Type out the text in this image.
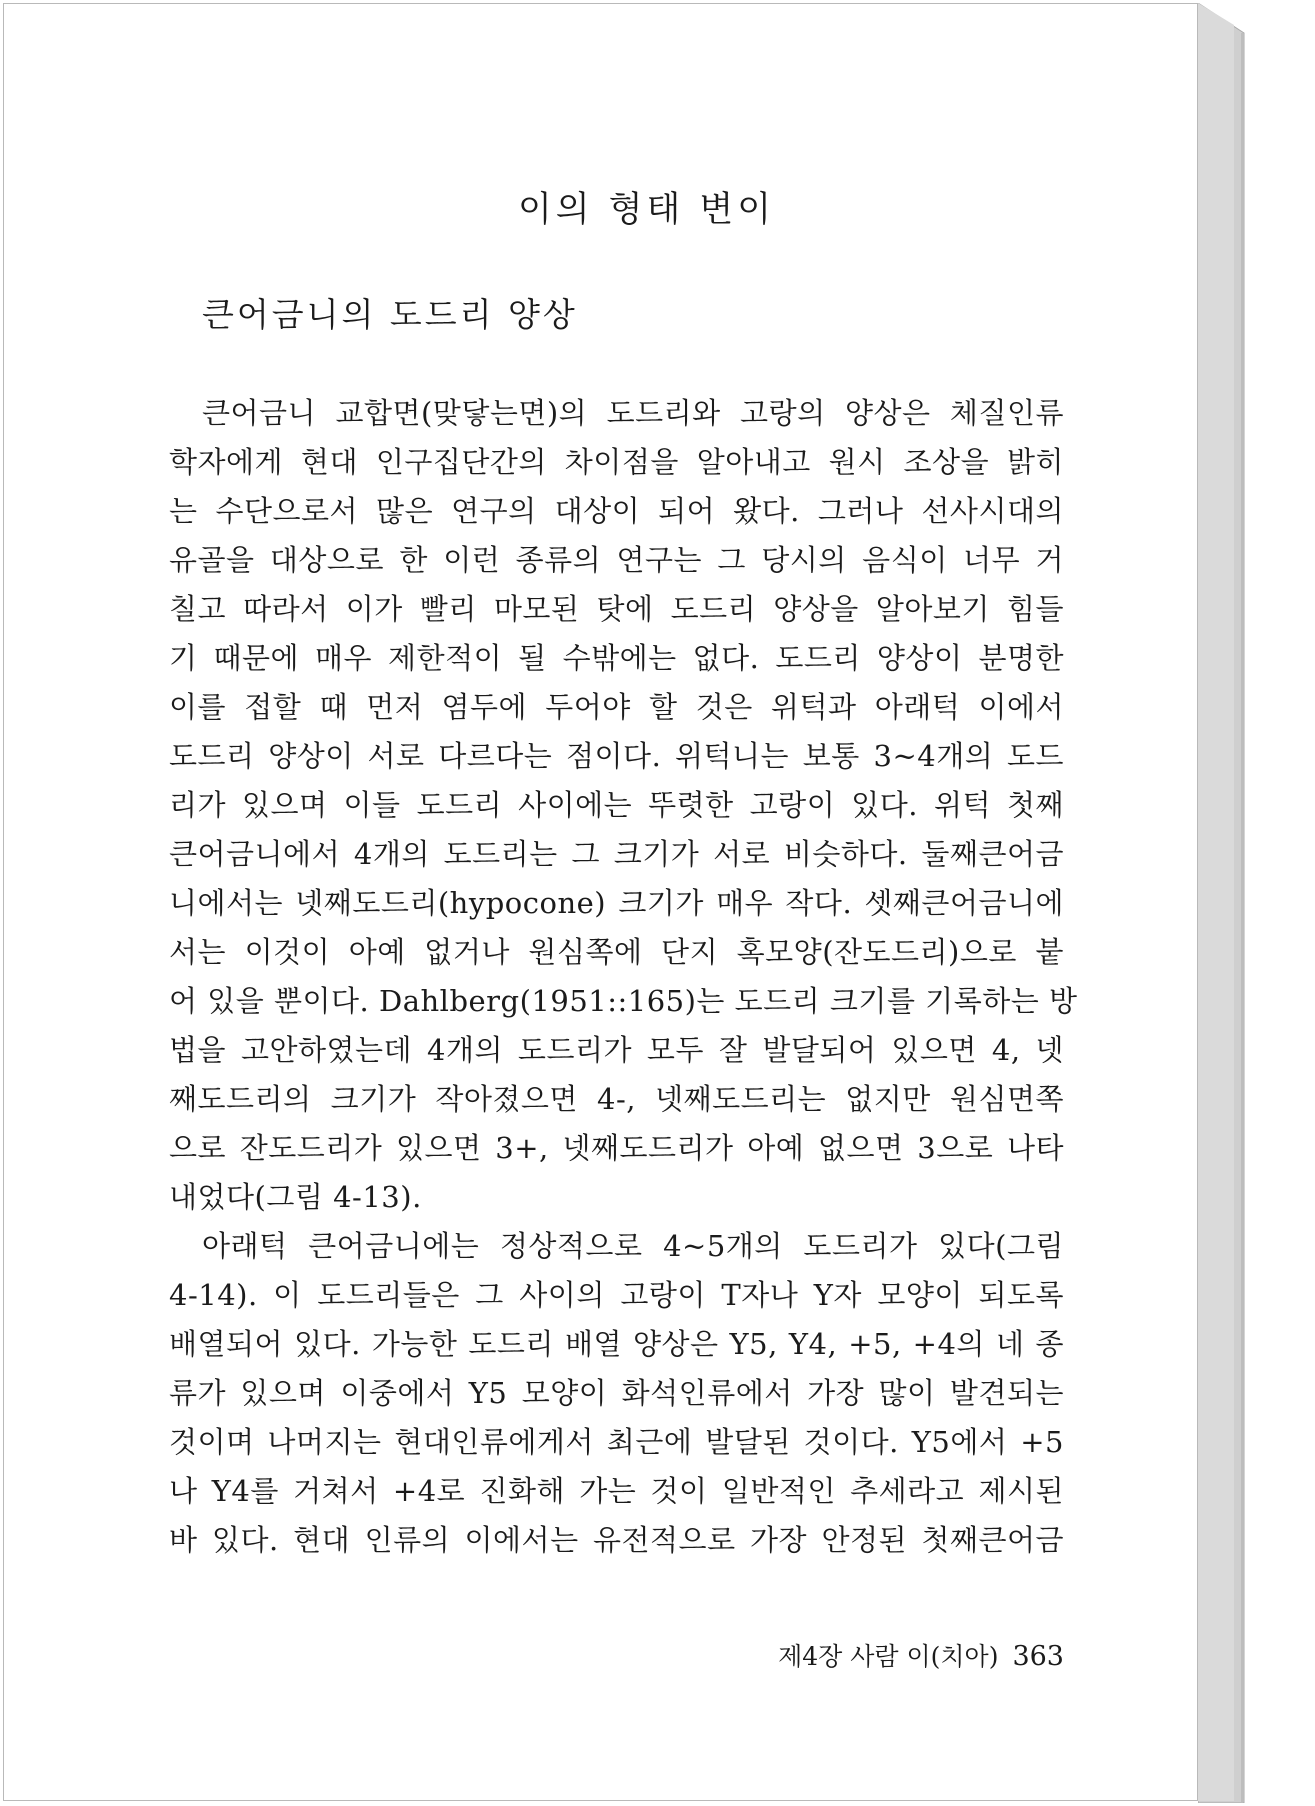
이의 형태 변이
큰어금니의 도드리 양상
큰어금니 교합면(맞닿는면)의 도드리와 고랑의 양상은 체질인류
학자에게 현대 인구집단간의 차이점을 알아내고 원시 조상을 밝히
는 수단으로서 많은 연구의 대상이 되어 왔다. 그러나 선사시대의
유골을 대상으로 한 이런 종류의 연구는 그 당시의 음식이 너무 거
칠고 따라서 이가 빨리 마모된 탓에 도드리 양상을 알아보기 힘들
기 때문에 매우 제한적이 될 수밖에는 없다. 도드리 양상이 분명한
이를 접할 때 먼저 염두에 두어야 할 것은 위턱과 아래턱 이에서
도드리 양상이 서로 다르다는 점이다. 위턱니는 보통 3~4개의 도드
리가 있으며 이들 도드리 사이에는 뚜렷한 고랑이 있다. 위턱 첫째
큰어금니에서 4개의 도드리는 그 크기가 서로 비슷하다. 둘째큰어금
니에서는 넷째도드리(hypocone) 크기가 매우 작다. 셋째큰어금니에
서는 이것이 아예 없거나 원심쪽에 단지 혹모양(잔도드리)으로 붙
어 있을 뿐이다. Dahlberg(1951::165)는 도드리 크기를 기록하는 방
법을 고안하였는데 4개의 도드리가 모두 잘 발달되어 있으면 4, 넷
째도드리의 크기가 작아졌으면 4-, 넷째도드리는 없지만 원심면쪽
으로 잔도드리가 있으면 3+, 넷째도드리가 아예 없으면 3으로 나타
내었다(그림 4-13).
아래턱 큰어금니에는 정상적으로 4~5개의 도드리가 있다(그림
4-14). 이 도드리들은 그 사이의 고랑이 T자나 Y자 모양이 되도록
배열되어 있다. 가능한 도드리 배열 양상은 Y5, Y4, +5, +4의 네 종
류가 있으며 이중에서 Y5 모양이 화석인류에서 가장 많이 발견되는
것이며 나머지는 현대인류에게서 최근에 발달된 것이다. Y5에서 +5
나 Y4를 거쳐서 +4로 진화해 가는 것이 일반적인 추세라고 제시된
바 있다. 현대 인류의 이에서는 유전적으로 가장 안정된 첫째큰어금
제4장 사람 이(치아) 363
